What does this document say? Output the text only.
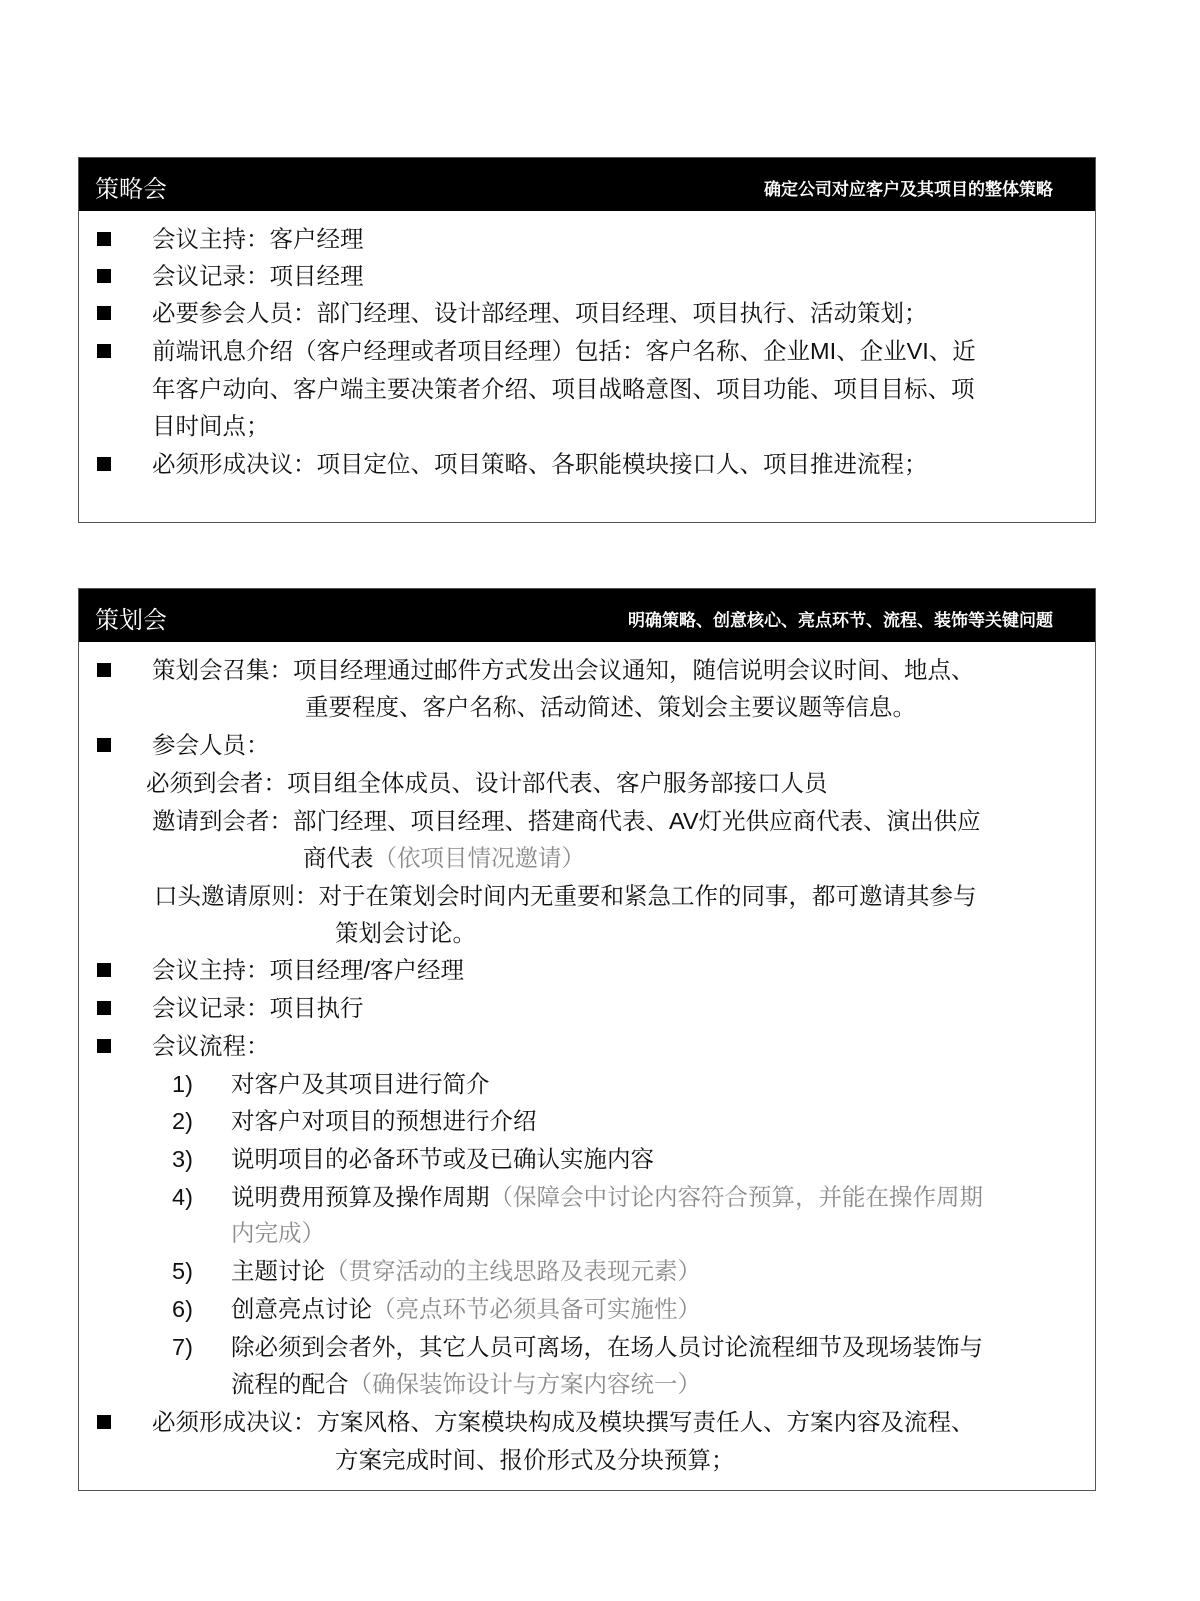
策略会	确定公司对应客户及其项目的整体策略
会议主持：客户经理
会议记录：项目经理
必要参会人员：部门经理、设计部经理、项目经理、项目执行、活动策划；
前端讯息介绍（客户经理或者项目经理）包括：客户名称、企业MI、企业VI、近
年客户动向、客户端主要决策者介绍、项目战略意图、项目功能、项目目标、项
目时间点；
必须形成决议：项目定位、项目策略、各职能模块接口人、项目推进流程；
策划会	明确策略、创意核心、亮点环节、流程、装饰等关键问题
策划会召集：项目经理通过邮件方式发出会议通知，随信说明会议时间、地点、
重要程度、客户名称、活动简述、策划会主要议题等信息。
参会人员：
必须到会者：项目组全体成员、设计部代表、客户服务部接口人员
邀请到会者：部门经理、项目经理、搭建商代表、AV灯光供应商代表、演出供应
商代表（依项目情况邀请）
口头邀请原则：对于在策划会时间内无重要和紧急工作的同事，都可邀请其参与
策划会讨论。
会议主持：项目经理/客户经理
会议记录：项目执行
会议流程：
1) 对客户及其项目进行简介
2) 对客户对项目的预想进行介绍
3) 说明项目的必备环节或及已确认实施内容
4) 说明费用预算及操作周期（保障会中讨论内容符合预算，并能在操作周期
内完成）
5) 主题讨论（贯穿活动的主线思路及表现元素）
6) 创意亮点讨论（亮点环节必须具备可实施性）
7) 除必须到会者外，其它人员可离场，在场人员讨论流程细节及现场装饰与
流程的配合（确保装饰设计与方案内容统一）
必须形成决议：方案风格、方案模块构成及模块撰写责任人、方案内容及流程、
方案完成时间、报价形式及分块预算；
